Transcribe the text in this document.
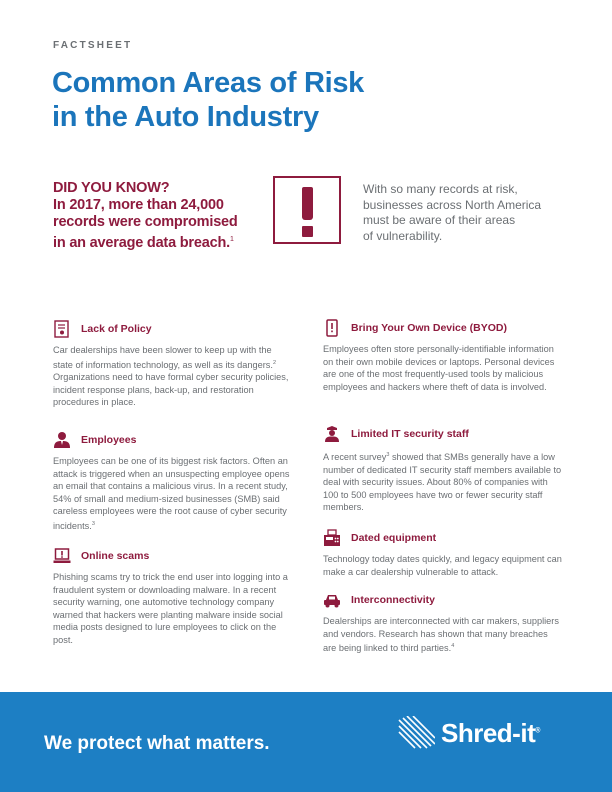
FACTSHEET
Common Areas of Risk
in the Auto Industry
DID YOU KNOW?
In 2017, more than 24,000
records were compromised
in an average data breach.$^1$
With so many records at risk,
businesses across North America
must be aware of their areas
of vulnerability.
Lack of Policy
Car dealerships have been slower to keep up with the state of information technology, as well as its dangers.$^2$ Organizations need to have formal cyber security policies, incident response plans, back-up, and restoration procedures in place.
Employees
Employees can be one of its biggest risk factors. Often an attack is triggered when an unsuspecting employee opens an email that contains a malicious virus. In a recent study, 54% of small and medium-sized businesses (SMB) said careless employees were the root cause of cyber security incidents.$^3$
Online scams
Phishing scams try to trick the end user into logging into a fraudulent system or downloading malware. In a recent security warning, one automotive technology company warned that hackers were planting malware inside social media posts designed to lure employees to click on the post.
Bring Your Own Device (BYOD)
Employees often store personally-identifiable information on their own mobile devices or laptops. Personal devices are one of the most frequently-used tools by malicious employees and hackers where theft of data is involved.
Limited IT security staff
A recent survey$^3$ showed that SMBs generally have a low number of dedicated IT security staff members available to deal with security issues. About 80% of companies with 100 to 500 employees have two or fewer security staff members.
Dated equipment
Technology today dates quickly, and legacy equipment can make a car dealership vulnerable to attack.
Interconnectivity
Dealerships are interconnected with car makers, suppliers and vendors. Research has shown that many breaches are being linked to third parties.$^4$
We protect what matters.	Shred-it®
